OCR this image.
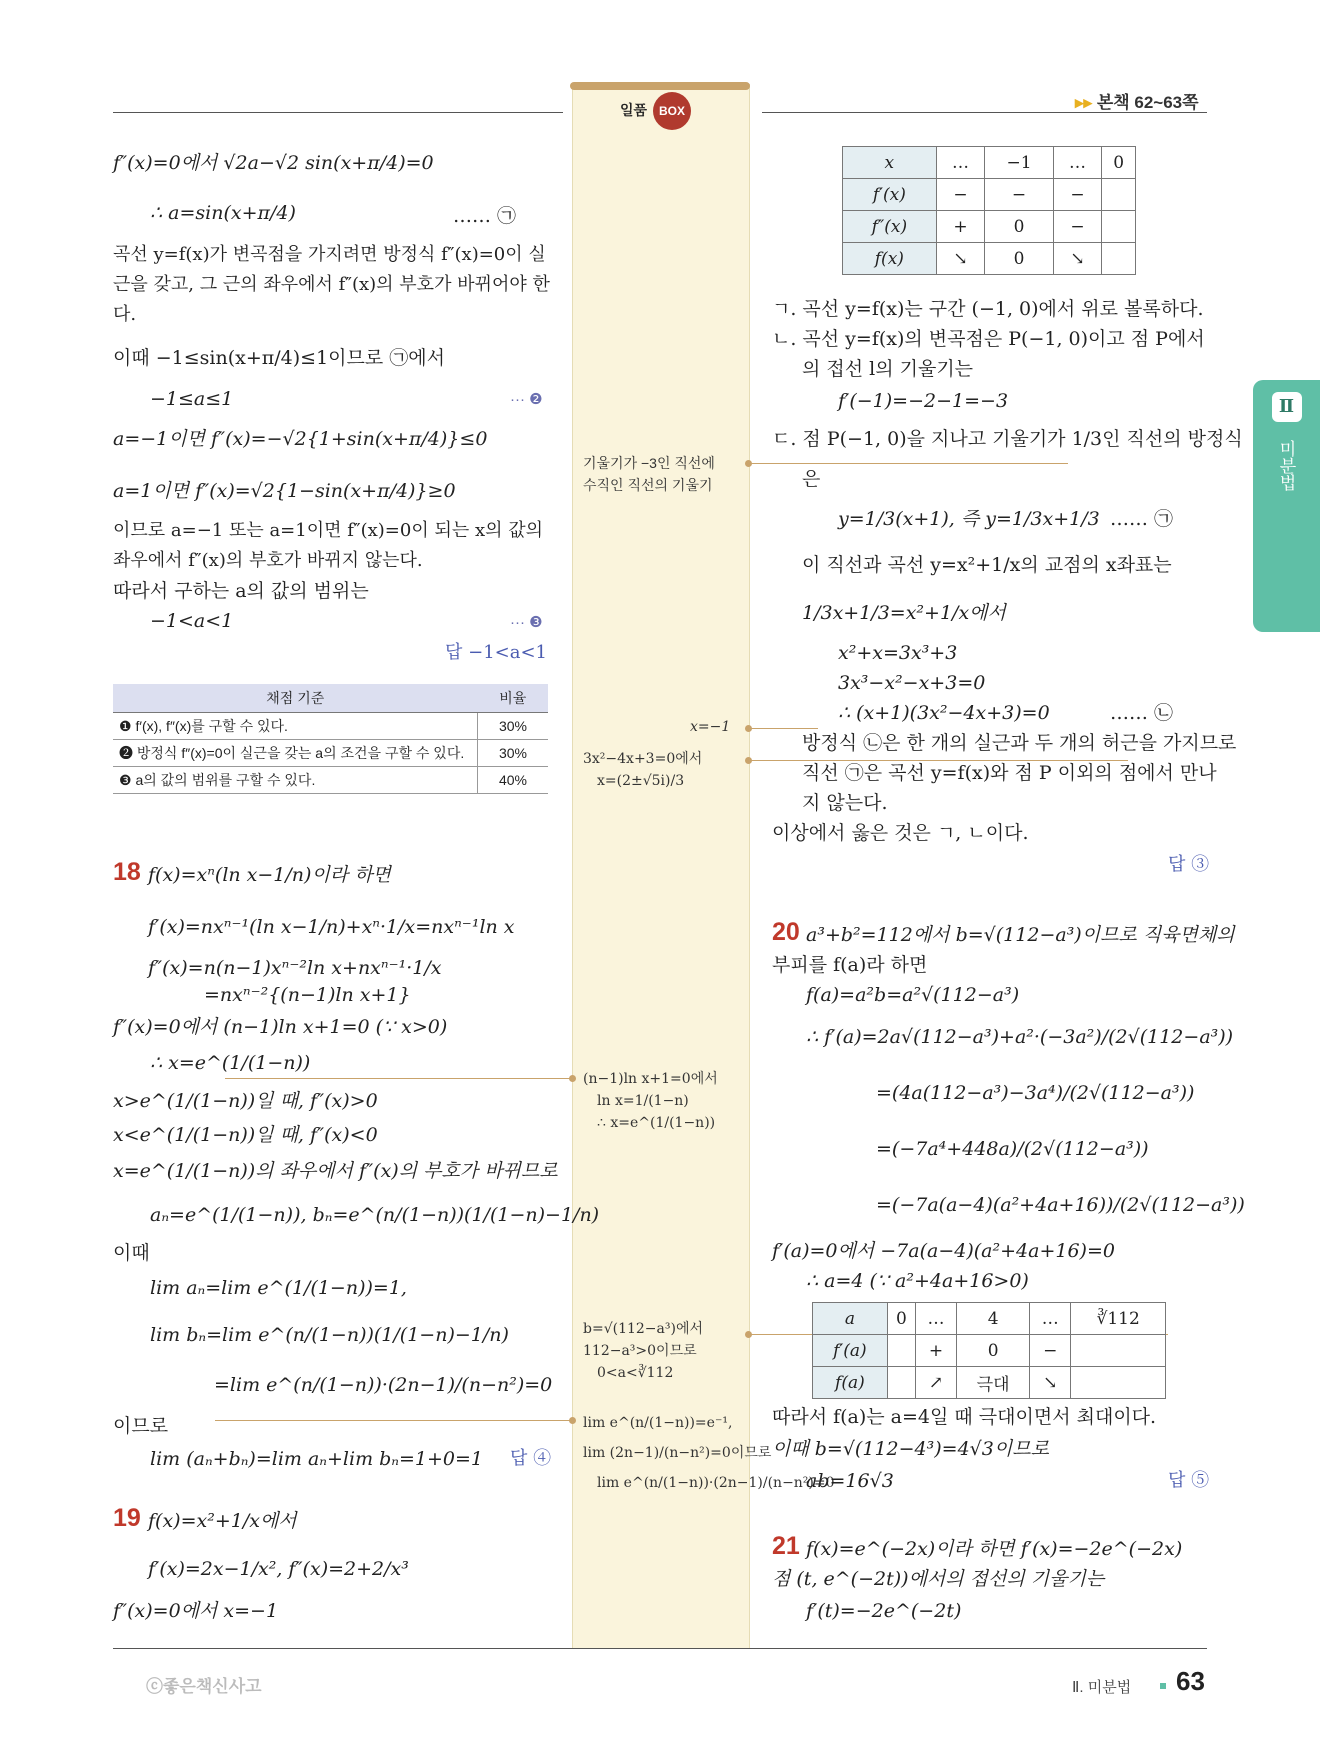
일품 BOX	▸▸ 본책 62~63쪽
Ⅱ
미분법
f″(x)=0에서 √2a−√2 sin(x+π/4)=0
∴ a=sin(x+π/4)	…… ㉠
곡선 y=f(x)가 변곡점을 가지려면 방정식 f″(x)=0이 실근을 갖고, 그 근의 좌우에서 f″(x)의 부호가 바뀌어야 한다.
이때 −1≤sin(x+π/4)≤1이므로 ㉠에서
−1≤a≤1	··· ❷
a=−1이면 f″(x)=−√2{1+sin(x+π/4)}≤0
a=1이면 f″(x)=√2{1−sin(x+π/4)}≥0
이므로 a=−1 또는 a=1이면 f″(x)=0이 되는 x의 값의 좌우에서 f″(x)의 부호가 바뀌지 않는다.
따라서 구하는 a의 값의 범위는
−1<a<1	··· ❸
답 −1<a<1
채점 기준	비율
❶ f′(x), f″(x)를 구할 수 있다.	30%
❷ 방정식 f″(x)=0이 실근을 갖는 a의 조건을 구할 수 있다.	30%
❸ a의 값의 범위를 구할 수 있다.	40%
18 f(x)=xⁿ(ln x−1/n)이라 하면
f′(x)=nxⁿ⁻¹(ln x−1/n)+xⁿ·1/x=nxⁿ⁻¹ln x
f″(x)=n(n−1)xⁿ⁻²ln x+nxⁿ⁻¹·1/x
=nxⁿ⁻²{(n−1)ln x+1}
f″(x)=0에서 (n−1)ln x+1=0 (∵ x>0)
∴ x=e^(1/(1−n))
x>e^(1/(1−n))일 때, f″(x)>0
x<e^(1/(1−n))일 때, f″(x)<0
x=e^(1/(1−n))의 좌우에서 f″(x)의 부호가 바뀌므로
aₙ=e^(1/(1−n)), bₙ=e^(n/(1−n))(1/(1−n)−1/n)
이때
lim aₙ=lim e^(1/(1−n))=1,
lim bₙ=lim e^(n/(1−n))(1/(1−n)−1/n)
=lim e^(n/(1−n))·(2n−1)/(n−n²)=0
이므로
lim (aₙ+bₙ)=lim aₙ+lim bₙ=1+0=1 답 ④
19 f(x)=x²+1/x에서
f′(x)=2x−1/x², f″(x)=2+2/x³
f″(x)=0에서 x=−1
기울기가 −3인 직선에
수직인 직선의 기울기
x=−1
3x²−4x+3=0에서
x=(2±√5i)/3
(n−1)ln x+1=0에서
ln x=1/(1−n)
∴ x=e^(1/(1−n))
b=√(112−a³)에서
112−a³>0이므로
0<a<∛112
lim e^(n/(1−n))=e⁻¹,
lim (2n−1)/(n−n²)=0이므로
lim e^(n/(1−n))·(2n−1)/(n−n²)=0
x	…	−1	…	0
f′(x)	−	−	−	
f″(x)	+	0	−	
f(x)	↘	0	↘	
ㄱ. 곡선 y=f(x)는 구간 (−1, 0)에서 위로 볼록하다.
ㄴ. 곡선 y=f(x)의 변곡점은 P(−1, 0)이고 점 P에서
의 접선 l의 기울기는
f′(−1)=−2−1=−3
ㄷ. 점 P(−1, 0)을 지나고 기울기가 1/3인 직선의 방정식
은
y=1/3(x+1), 즉 y=1/3x+1/3 …… ㉠
이 직선과 곡선 y=x²+1/x의 교점의 x좌표는
1/3x+1/3=x²+1/x에서
x²+x=3x³+3
3x³−x²−x+3=0
∴ (x+1)(3x²−4x+3)=0	…… ㉡
방정식 ㉡은 한 개의 실근과 두 개의 허근을 가지므로
직선 ㉠은 곡선 y=f(x)와 점 P 이외의 점에서 만나
지 않는다.
이상에서 옳은 것은 ㄱ, ㄴ이다.
답 ③
20 a³+b²=112에서 b=√(112−a³)이므로 직육면체의
부피를 f(a)라 하면
f(a)=a²b=a²√(112−a³)
∴ f′(a)=2a√(112−a³)+a²·(−3a²)/(2√(112−a³))
=(4a(112−a³)−3a⁴)/(2√(112−a³))
=(−7a⁴+448a)/(2√(112−a³))
=(−7a(a−4)(a²+4a+16))/(2√(112−a³))
f′(a)=0에서 −7a(a−4)(a²+4a+16)=0
∴ a=4 (∵ a²+4a+16>0)
a	0	…	4	…	∛112
f′(a)		+	0	−	
f(a)		↗	극대	↘	
따라서 f(a)는 a=4일 때 극대이면서 최대이다.
이때 b=√(112−4³)=4√3이므로
ab=16√3	답 ⑤
21 f(x)=e^(−2x)이라 하면 f′(x)=−2e^(−2x)
점 (t, e^(−2t))에서의 접선의 기울기는
f′(t)=−2e^(−2t)
ⓒ좋은책신사고	Ⅱ. 미분법 63
